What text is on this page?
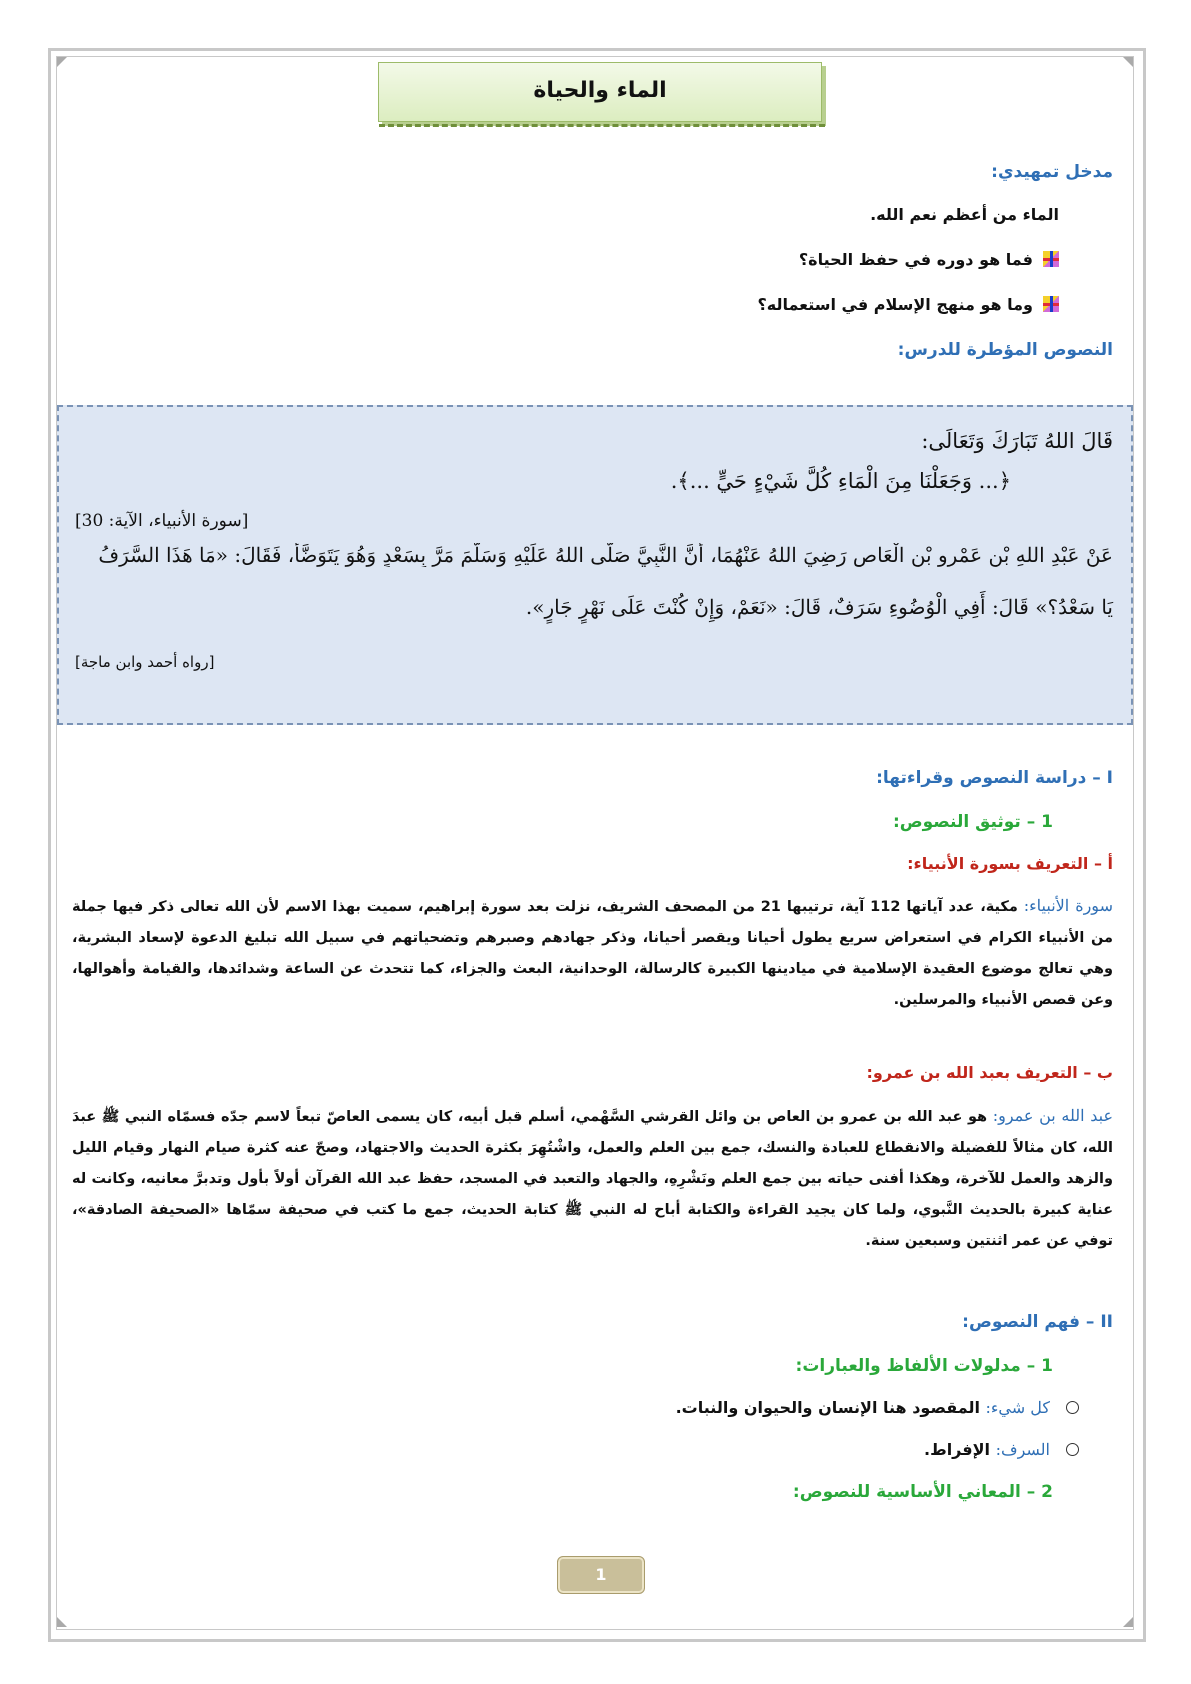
الماء والحياة
مدخل تمهيدي:
الماء من أعظم نعم الله.
فما هو دوره في حفظ الحياة؟
وما هو منهج الإسلام في استعماله؟
النصوص المؤطرة للدرس:
قَالَ اللهُ تَبَارَكَ وَتَعَالَى:
﴿... وَجَعَلْنَا مِنَ الْمَاءِ كُلَّ شَيْءٍ حَيٍّ ...﴾.
[سورة الأنبياء، الآية: 30]
عَنْ عَبْدِ اللهِ بْنِ عَمْرِو بْنِ الْعَاصِ رَضِيَ اللهُ عَنْهُمَا، أَنَّ النَّبِيَّ صَلَّى اللهُ عَلَيْهِ وَسَلَّمَ مَرَّ بِسَعْدٍ وَهُوَ يَتَوَضَّأُ، فَقَالَ: «مَا هَذَا السَّرَفُ
يَا سَعْدُ؟» قَالَ: أَفِي الْوُضُوءِ سَرَفٌ، قَالَ: «نَعَمْ، وَإِنْ كُنْتَ عَلَى نَهْرٍ جَارٍ».
[رواه أحمد وابن ماجة]
I – دراسة النصوص وقراءتها:
1 – توثيق النصوص:
أ – التعريف بسورة الأنبياء:
سورة الأنبياء: مكية، عدد آياتها 112 آية، ترتيبها 21 من المصحف الشريف، نزلت بعد سورة إبراهيم، سميت بهذا الاسم لأن الله تعالى ذكر فيها جملة من الأنبياء الكرام في استعراض سريع يطول أحيانا ويقصر أحيانا، وذكر جهادهم وصبرهم وتضحياتهم في سبيل الله تبليغ الدعوة لإسعاد البشرية، وهي تعالج موضوع العقيدة الإسلامية في ميادينها الكبيرة كالرسالة، الوحدانية، البعث والجزاء، كما تتحدث عن الساعة وشدائدها، والقيامة وأهوالها، وعن قصص الأنبياء والمرسلين.
ب – التعريف بعبد الله بن عمرو:
عبد الله بن عمرو: هو عبد الله بن عمرو بن العاص بن وائل القرشي السَّهْمي، أسلم قبل أبيه، كان يسمى العاصّ تبعاً لاسم جدّه فسمّاه النبي ﷺ عبدَ الله، كان مثالاً للفضيلة والانقطاع للعبادة والنسك، جمع بين العلم والعمل، واشْتُهِرَ بكثرة الحديث والاجتهاد، وصحّ عنه كثرة صيام النهار وقيام الليل والزهد والعمل للآخرة، وهكذا أفنى حياته بين جمع العلم ونَشْرِهِ، والجهاد والتعبد في المسجد، حفظ عبد الله القرآن أولاً بأول وتدبرَّ معانيه، وكانت له عناية كبيرة بالحديث النَّبوي، ولما كان يجيد القراءة والكتابة أباح له النبي ﷺ كتابة الحديث، جمع ما كتب في صحيفة سمّاها «الصحيفة الصادقة»، توفي عن عمر اثنتين وسبعين سنة.
II – فهم النصوص:
1 – مدلولات الألفاظ والعبارات:
كل شيء: المقصود هنا الإنسان والحيوان والنبات.
السرف: الإفراط.
2 – المعاني الأساسية للنصوص:
1
